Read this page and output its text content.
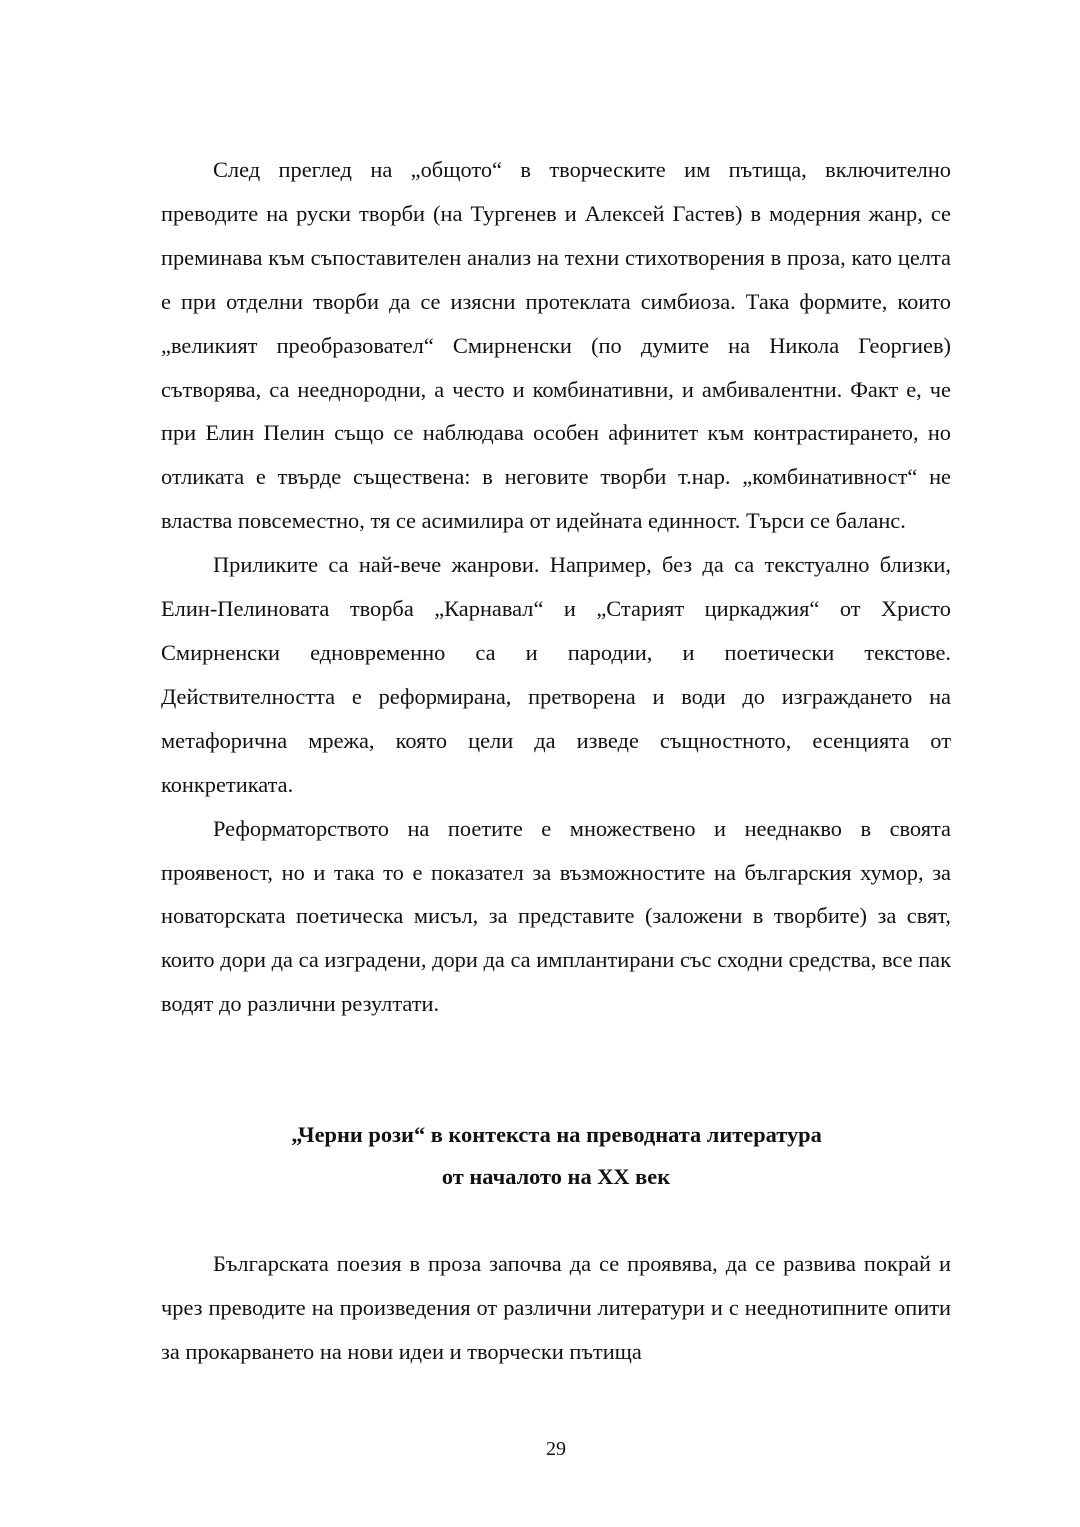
След преглед на „общото“ в творческите им пътища, включително преводите на руски творби (на Тургенев и Алексей Гастев) в модерния жанр, се преминава към съпоставителен анализ на техни стихотворения в проза, като целта е при отделни творби да се изясни протеклата симбиоза. Така формите, които „великият преобразовател“ Смирненски (по думите на Никола Георгиев) сътворява, са нееднородни, а често и комбинативни, и амбивалентни. Факт е, че при Елин Пелин също се наблюдава особен афинитет към контрастирането, но отликата е твърде съществена: в неговите творби т.нар. „комбинативност“ не властва повсеместно, тя се асимилира от идейната единност. Търси се баланс.

Приликите са най-вече жанрови. Например, без да са текстуално близки, Елин-Пелиновата творба „Карнавал“ и „Старият циркаджия“ от Христо Смирненски едновременно са и пародии, и поетически текстове. Действителността е реформирана, претворена и води до изграждането на метафорична мрежа, която цели да изведе същностното, есенцията от конкретиката.

Реформаторството на поетите е множествено и нееднакво в своята проявеност, но и така то е показател за възможностите на българския хумор, за новаторската поетическа мисъл, за представите (заложени в творбите) за свят, които дори да са изградени, дори да са имплантирани със сходни средства, все пак водят до различни резултати.

„Черни рози“ в контекста на преводната литература
от началото на XX век

Българската поезия в проза започва да се проявява, да се развива покрай и чрез преводите на произведения от различни литератури и с нееднотипните опити за прокарването на нови идеи и творчески пътища

29
